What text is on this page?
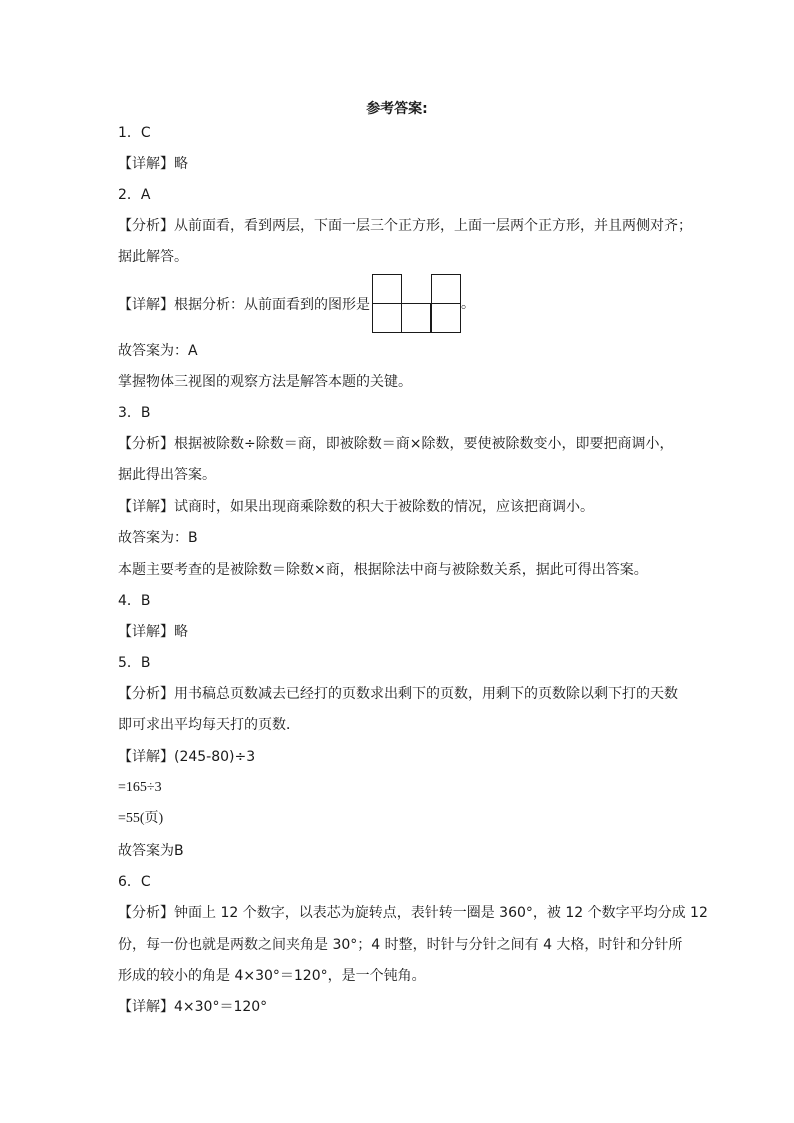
参考答案:
1．C
【详解】略
2．A
【分析】从前面看，看到两层，下面一层三个正方形，上面一层两个正方形，并且两侧对齐；
据此解答。
【详解】根据分析：从前面看到的图形是	。
故答案为：A
掌握物体三视图的观察方法是解答本题的关键。
3．B
【分析】根据被除数÷除数＝商，即被除数＝商×除数，要使被除数变小，即要把商调小，
据此得出答案。
【详解】试商时，如果出现商乘除数的积大于被除数的情况，应该把商调小。
故答案为：B
本题主要考查的是被除数＝除数×商，根据除法中商与被除数关系，据此可得出答案。
4．B
【详解】略
5．B
【分析】用书稿总页数减去已经打的页数求出剩下的页数，用剩下的页数除以剩下打的天数
即可求出平均每天打的页数．
【详解】(245-80)÷3
=165÷3
=55(页)
故答案为B
6．C
【分析】钟面上 12 个数字，以表芯为旋转点，表针转一圈是 360°，被 12 个数字平均分成 12
份，每一份也就是两数之间夹角是 30°；4 时整，时针与分针之间有 4 大格，时针和分针所
形成的较小的角是 4×30°＝120°，是一个钝角。
【详解】4×30°＝120°
